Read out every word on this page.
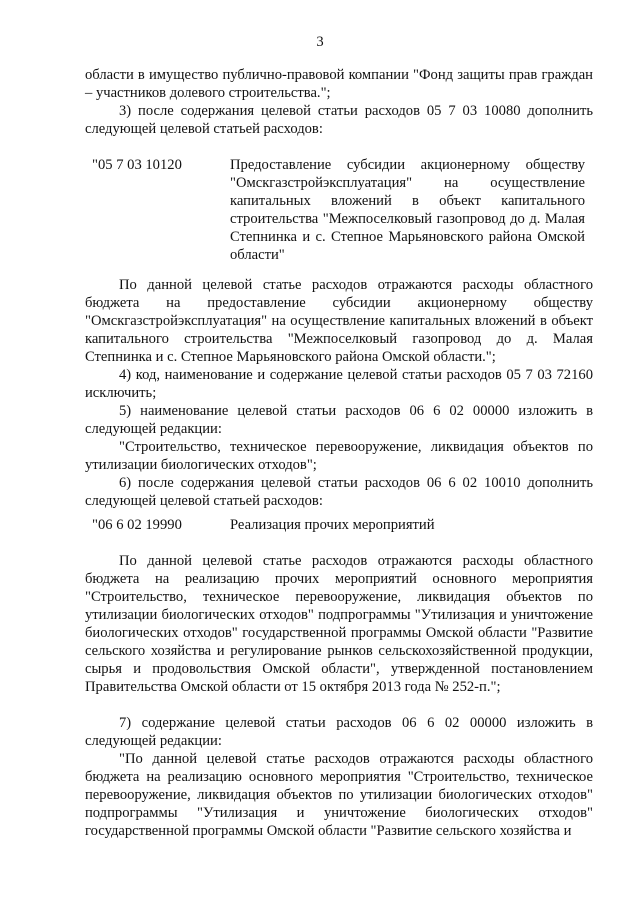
3

области в имущество публично-правовой компании "Фонд защиты прав граждан – участников долевого строительства.";

3) после содержания целевой статьи расходов 05 7 03 10080 дополнить следующей целевой статьей расходов:

"05 7 03 10120	Предоставление субсидии акционерному обществу "Омскгазстройэксплуатация" на осуществление капитальных вложений в объект капитального строительства "Межпоселковый газопровод до д. Малая Степнинка и с. Степное Марьяновского района Омской области"

По данной целевой статье расходов отражаются расходы областного бюджета на предоставление субсидии акционерному обществу "Омскгазстройэксплуатация" на осуществление капитальных вложений в объект капитального строительства "Межпоселковый газопровод до д. Малая Степнинка и с. Степное Марьяновского района Омской области.";

4) код, наименование и содержание целевой статьи расходов 05 7 03 72160 исключить;

5) наименование целевой статьи расходов 06 6 02 00000 изложить в следующей редакции:

"Строительство, техническое перевооружение, ликвидация объектов по утилизации биологических отходов";

6) после содержания целевой статьи расходов 06 6 02 10010 дополнить следующей целевой статьей расходов:

"06 6 02 19990	Реализация прочих мероприятий

По данной целевой статье расходов отражаются расходы областного бюджета на реализацию прочих мероприятий основного мероприятия "Строительство, техническое перевооружение, ликвидация объектов по утилизации биологических отходов" подпрограммы "Утилизация и уничтожение биологических отходов" государственной программы Омской области "Развитие сельского хозяйства и регулирование рынков сельскохозяйственной продукции, сырья и продовольствия Омской области", утвержденной постановлением Правительства Омской области от 15 октября 2013 года № 252-п.";

7) содержание целевой статьи расходов 06 6 02 00000 изложить в следующей редакции:

"По данной целевой статье расходов отражаются расходы областного бюджета на реализацию основного мероприятия "Строительство, техническое перевооружение, ликвидация объектов по утилизации биологических отходов" подпрограммы "Утилизация и уничтожение биологических отходов" государственной программы Омской области "Развитие сельского хозяйства и
